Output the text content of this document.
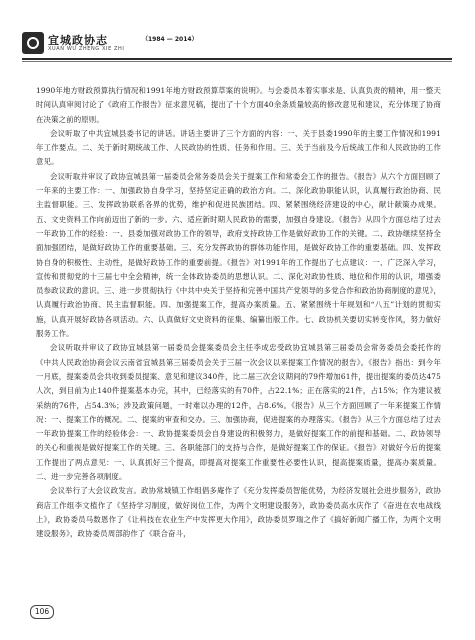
宜城政协志	（1984 — 2014）
XUAN WU ZHENG XIE ZHI

1990年地方财政预算执行情况和1991年地方财政预算草案的说明》。与会委员本着实事求是、认真负责的精神，用一整天时间认真审阅讨论了《政府工作报告》征求意见稿，提出了十个方面40余条质量较高的修改意见和建议，充分体现了协商在决策之前的原则。

会议听取了中共宜城县委书记的讲话。讲话主要讲了三个方面的内容：一、关于县委1990年的主要工作情况和1991年工作要点。二、关于新时期统战工作、人民政协的性质、任务和作用。三、关于当前及今后统战工作和人民政协的工作意见。

会议听取并审议了政协宜城县第一届委员会常务委员会关于提案工作和常委会工作的报告。《报告》从六个方面回顾了一年来的主要工作：一、加强政协自身学习，坚持坚定正确的政治方向。二、深化政协职能认识，认真履行政治协商、民主监督职能。三、发挥政协联系各界的优势，维护和促进民族团结。四、紧紧围绕经济建设的中心，献计献策办成果。五、文史资料工作向前迈出了新的一步。六、适应新时期人民政协的需要，加强自身建设。《报告》从四个方面总结了过去一年政协工作的经验：一、县委加强对政协工作的领导，政府支持政协工作是做好政协工作的关键。二、政协继续坚持全面加强团结，是做好政协工作的重要基础。三、充分发挥政协的群体功能作用，是做好政协工作的重要基础。四、发挥政协自身的积极性、主动性，是做好政协工作的重要前提。《报告》对1991年的工作提出了七点建议：一、广泛深入学习，宣传和贯彻党的十三届七中全会精神，统一全体政协委员的思想认识。二、深化对政协性质、地位和作用的认识，增强委员参政议政的意识。三、进一步贯彻执行《中共中央关于坚持和完善中国共产党领导的多党合作和政治协商制度的意见》，认真履行政治协商、民主监督职能。四、加强提案工作，提高办案质量。五、紧紧围绕十年规划和“八五”计划的贯彻实施，认真开展好政协各项活动。六、认真做好文史资料的征集、编纂出版工作。七、政协机关要切实转变作风，努力做好服务工作。

会议听取并审议了政协宜城县第一届委员会提案委员会主任李成忠受政协宜城县第三届委员会常务委员会委托作的《中共人民政治协商会议云南省宜城县第三届委员会关于三届一次会议以来提案工作情况的报告》。《报告》指出：到今年一月底，提案委员会共收到委员提案、意见和建议340件，比二届三次会议期间的79件增加61件，提出提案的委员达475人次，到目前为止140件提案基本办完，其中，已经落实的有70件，占22.1%；正在落实的21件，占15%；作为建议被采纳的76件，占54.3%；涉及政策问题，一时难以办理的12件，占8.6%。《报告》从三个方面回顾了一年来提案工作情况：一、提案工作的概况。二、提案的审查和交办。三、加强协商，促进提案的办理落实。《报告》从三个方面总结了过去一年政协提案工作的经验体会：一、政协提案委员会自身建设的积极努力，是做好提案工作的前提和基础。二、政协领导的关心和重视是做好提案工作的关键。三、各职能部门的支持与合作，是做好提案工作的保证。《报告》对做好今后的提案工作提出了两点意见：一、认真抓好三个提高，即提高对提案工作重要性必要性认识，提高提案质量，提高办案质量。二、进一步完善各项制度。

会议举行了大会议政发言。政协常城镇工作组倡多庵作了《充分发挥委员智能优势，为经济发展社会进步服务》，政协商店工作组李文植作了《坚持学习制度，做好岗位工作，为两个文明建设服务》，政协委员高水庆作了《奋进在农电战线上》，政协委员马数恩作了《让科技在农业生产中发挥更大作用》，政协委员罗瑞之作了《搞好新闻广播工作，为两个文明建设服务》，政协委员周部韵作了《联合奋斗，

106
